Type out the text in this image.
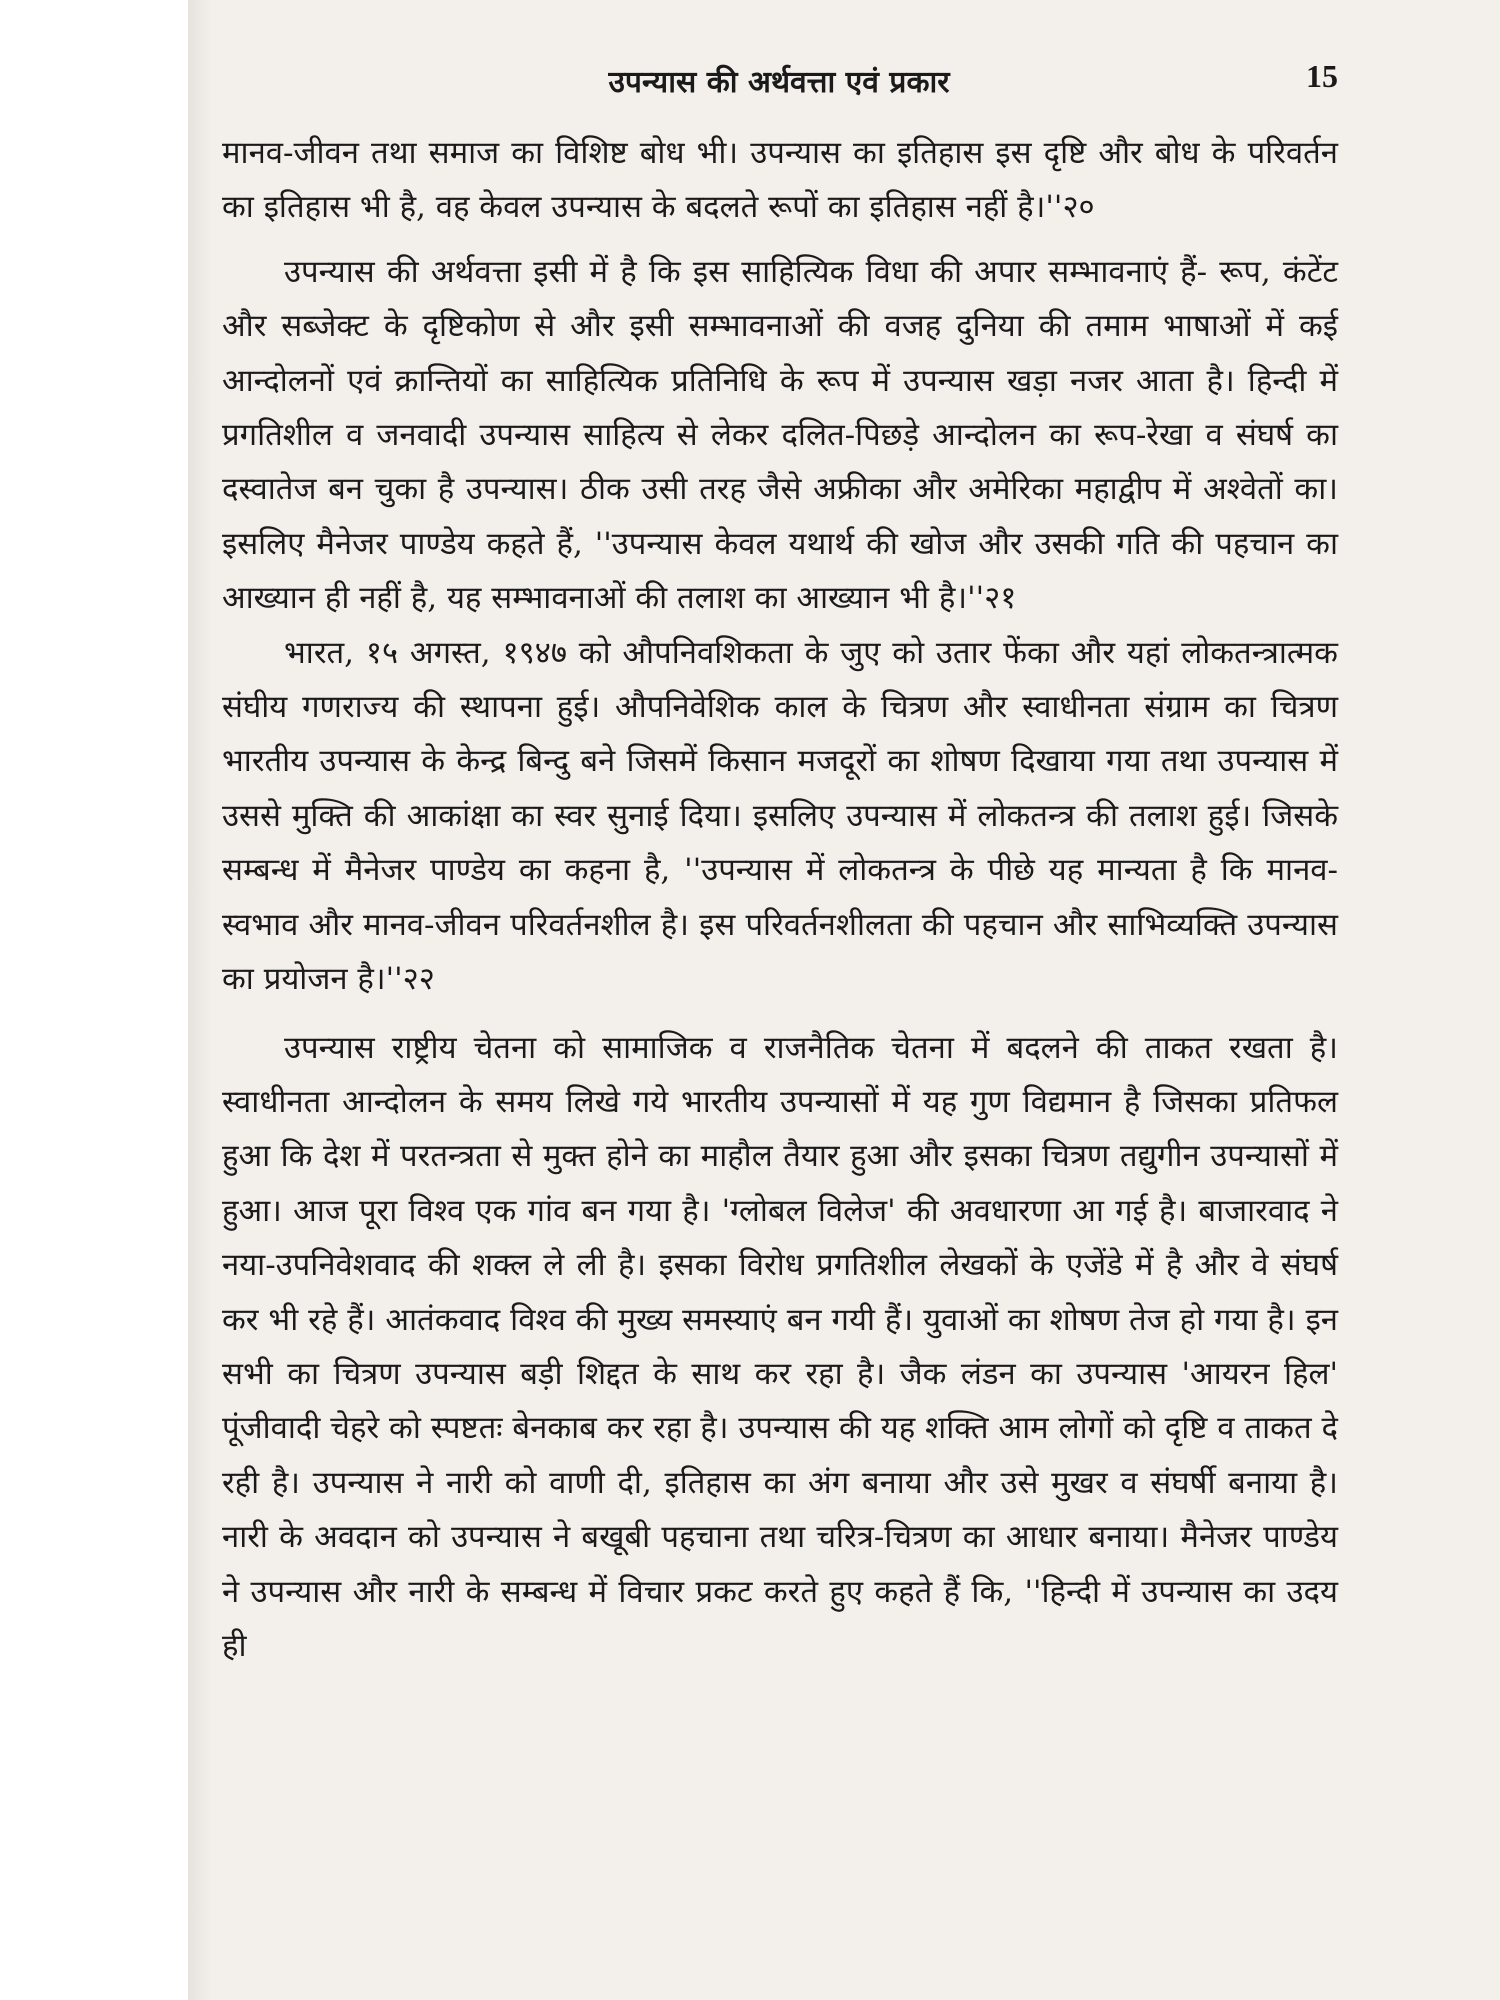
उपन्यास की अर्थवत्ता एवं प्रकार	15

मानव-जीवन तथा समाज का विशिष्ट बोध भी। उपन्यास का इतिहास इस दृष्टि और बोध के परिवर्तन का इतिहास भी है, वह केवल उपन्यास के बदलते रूपों का इतिहास नहीं है।''२०

उपन्यास की अर्थवत्ता इसी में है कि इस साहित्यिक विधा की अपार सम्भावनाएं हैं- रूप, कंटेंट और सब्जेक्ट के दृष्टिकोण से और इसी सम्भावनाओं की वजह दुनिया की तमाम भाषाओं में कई आन्दोलनों एवं क्रान्तियों का साहित्यिक प्रतिनिधि के रूप में उपन्यास खड़ा नजर आता है। हिन्दी में प्रगतिशील व जनवादी उपन्यास साहित्य से लेकर दलित-पिछड़े आन्दोलन का रूप-रेखा व संघर्ष का दस्वातेज बन चुका है उपन्यास। ठीक उसी तरह जैसे अफ्रीका और अमेरिका महाद्वीप में अश्वेतों का। इसलिए मैनेजर पाण्डेय कहते हैं, ''उपन्यास केवल यथार्थ की खोज और उसकी गति की पहचान का आख्यान ही नहीं है, यह सम्भावनाओं की तलाश का आख्यान भी है।''२१

भारत, १५ अगस्त, १९४७ को औपनिवशिकता के जुए को उतार फेंका और यहां लोकतन्त्रात्मक संघीय गणराज्य की स्थापना हुई। औपनिवेशिक काल के चित्रण और स्वाधीनता संग्राम का चित्रण भारतीय उपन्यास के केन्द्र बिन्दु बने जिसमें किसान मजदूरों का शोषण दिखाया गया तथा उपन्यास में उससे मुक्ति की आकांक्षा का स्वर सुनाई दिया। इसलिए उपन्यास में लोकतन्त्र की तलाश हुई। जिसके सम्बन्ध में मैनेजर पाण्डेय का कहना है, ''उपन्यास में लोकतन्त्र के पीछे यह मान्यता है कि मानव-स्वभाव और मानव-जीवन परिवर्तनशील है। इस परिवर्तनशीलता की पहचान और साभिव्यक्ति उपन्यास का प्रयोजन है।''२२

उपन्यास राष्ट्रीय चेतना को सामाजिक व राजनैतिक चेतना में बदलने की ताकत रखता है। स्वाधीनता आन्दोलन के समय लिखे गये भारतीय उपन्यासों में यह गुण विद्यमान है जिसका प्रतिफल हुआ कि देश में परतन्त्रता से मुक्त होने का माहौल तैयार हुआ और इसका चित्रण तद्युगीन उपन्यासों में हुआ। आज पूरा विश्व एक गांव बन गया है। 'ग्लोबल विलेज' की अवधारणा आ गई है। बाजारवाद ने नया-उपनिवेशवाद की शक्ल ले ली है। इसका विरोध प्रगतिशील लेखकों के एजेंडे में है और वे संघर्ष कर भी रहे हैं। आतंकवाद विश्व की मुख्य समस्याएं बन गयी हैं। युवाओं का शोषण तेज हो गया है। इन सभी का चित्रण उपन्यास बड़ी शिद्दत के साथ कर रहा है। जैक लंडन का उपन्यास 'आयरन हिल' पूंजीवादी चेहरे को स्पष्टतः बेनकाब कर रहा है। उपन्यास की यह शक्ति आम लोगों को दृष्टि व ताकत दे रही है। उपन्यास ने नारी को वाणी दी, इतिहास का अंग बनाया और उसे मुखर व संघर्षी बनाया है। नारी के अवदान को उपन्यास ने बखूबी पहचाना तथा चरित्र-चित्रण का आधार बनाया। मैनेजर पाण्डेय ने उपन्यास और नारी के सम्बन्ध में विचार प्रकट करते हुए कहते हैं कि, ''हिन्दी में उपन्यास का उदय ही
